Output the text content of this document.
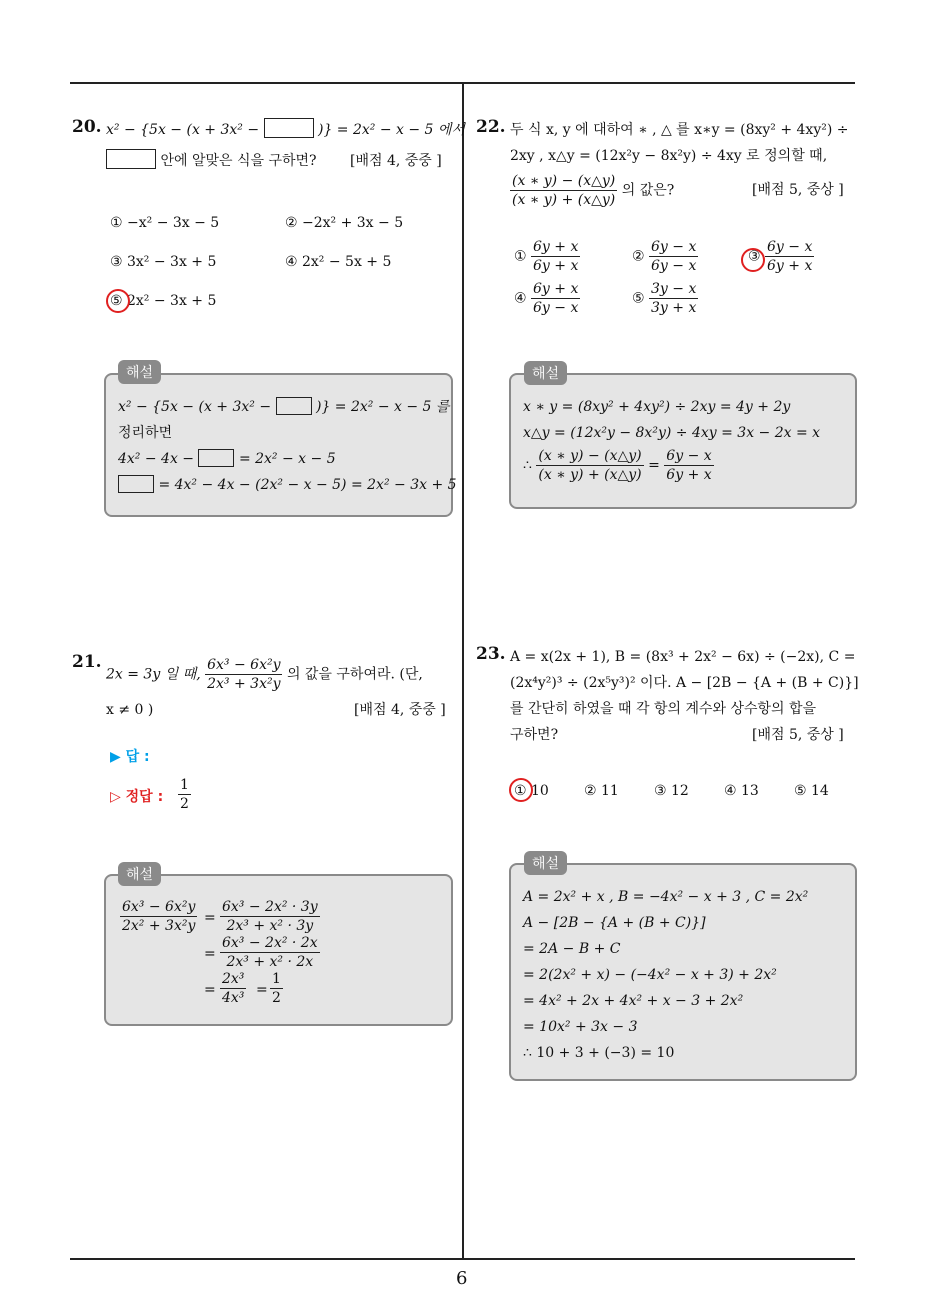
6
20. x² − {5x − (x + 3x² −	)} = 2x² − x − 5 에서
안에 알맞은 식을 구하면? [배점 4, 중중 ]
① −x² − 3x − 5	② −2x² + 3x − 5
③ 3x² − 3x + 5	④ 2x² − 5x + 5
⑤ 2x² − 3x + 5
x² − {5x − (x + 3x² −	)} = 2x² − x − 5 를
정리하면
4x² − 4x −	= 2x² − x − 5
= 4x² − 4x − (2x² − x − 5) = 2x² − 3x + 5
해설
21.
2x = 3y 일 때, $\frac{\text{6x³ − 6x²y}}{\text{2x³ + 3x²y}}$ 의 값을 구하여라. (단,
x ≠ 0 )	[배점 4, 중중 ]
▶ 답 :
▷ 정답 : $\frac{1}{2}$
$\frac{\text{6x³ − 6x²y}}{\text{2x² + 3x²y}} = \frac{\text{6x³ − 2x² · 3y}}{\text{2x³ + x² · 3y}}$
= $\frac{\text{6x³ − 2x² · 2x}}{\text{2x³ + x² · 2x}}$
= $\frac{\text{2x³}}{\text{4x³}} = \frac{1}{2}$
해설
22. 두 식 x, y 에 대하여 ∗ , △ 를 x∗y = (8xy² + 4xy²) ÷
2xy , x△y = (12x²y − 8x²y) ÷ 4xy 로 정의할 때,
$\frac{(x ∗ y) - (x\triangle y)}{(x ∗ y) + (x\triangle y)}$ 의 값은?	[배점 5, 중상 ]
① $\frac{6y + x}{6y + x}$	② $\frac{6y - x}{6y - x}$	③ $\frac{6y - x}{6y + x}$
④ $\frac{6y + x}{6y - x}$	⑤ $\frac{3y - x}{3y + x}$
x ∗ y = (8xy² + 4xy²) ÷ 2xy = 4y + 2y
x△y = (12x²y − 8x²y) ÷ 4xy = 3x − 2x = x
∴ $\frac{(x ∗ y) - (x\triangle y)}{(x ∗ y) + (x\triangle y)} = \frac{6y - x}{6y + x}$
해설
23. A = x(2x + 1), B = (8x³ + 2x² − 6x) ÷ (−2x), C =
(2x⁴y²)³ ÷ (2x⁵y³)² 이다. A − [2B − {A + (B + C)}]
를 간단히 하였을 때 각 항의 계수와 상수항의 합을
구하면?	[배점 5, 중상 ]
① 10	② 11	③ 12	④ 13	⑤ 14
A = 2x² + x , B = −4x² − x + 3 , C = 2x²
A − [2B − {A + (B + C)}]
= 2A − B + C
= 2(2x² + x) − (−4x² − x + 3) + 2x²
= 4x² + 2x + 4x² + x − 3 + 2x²
= 10x² + 3x − 3
∴ 10 + 3 + (−3) = 10
해설
